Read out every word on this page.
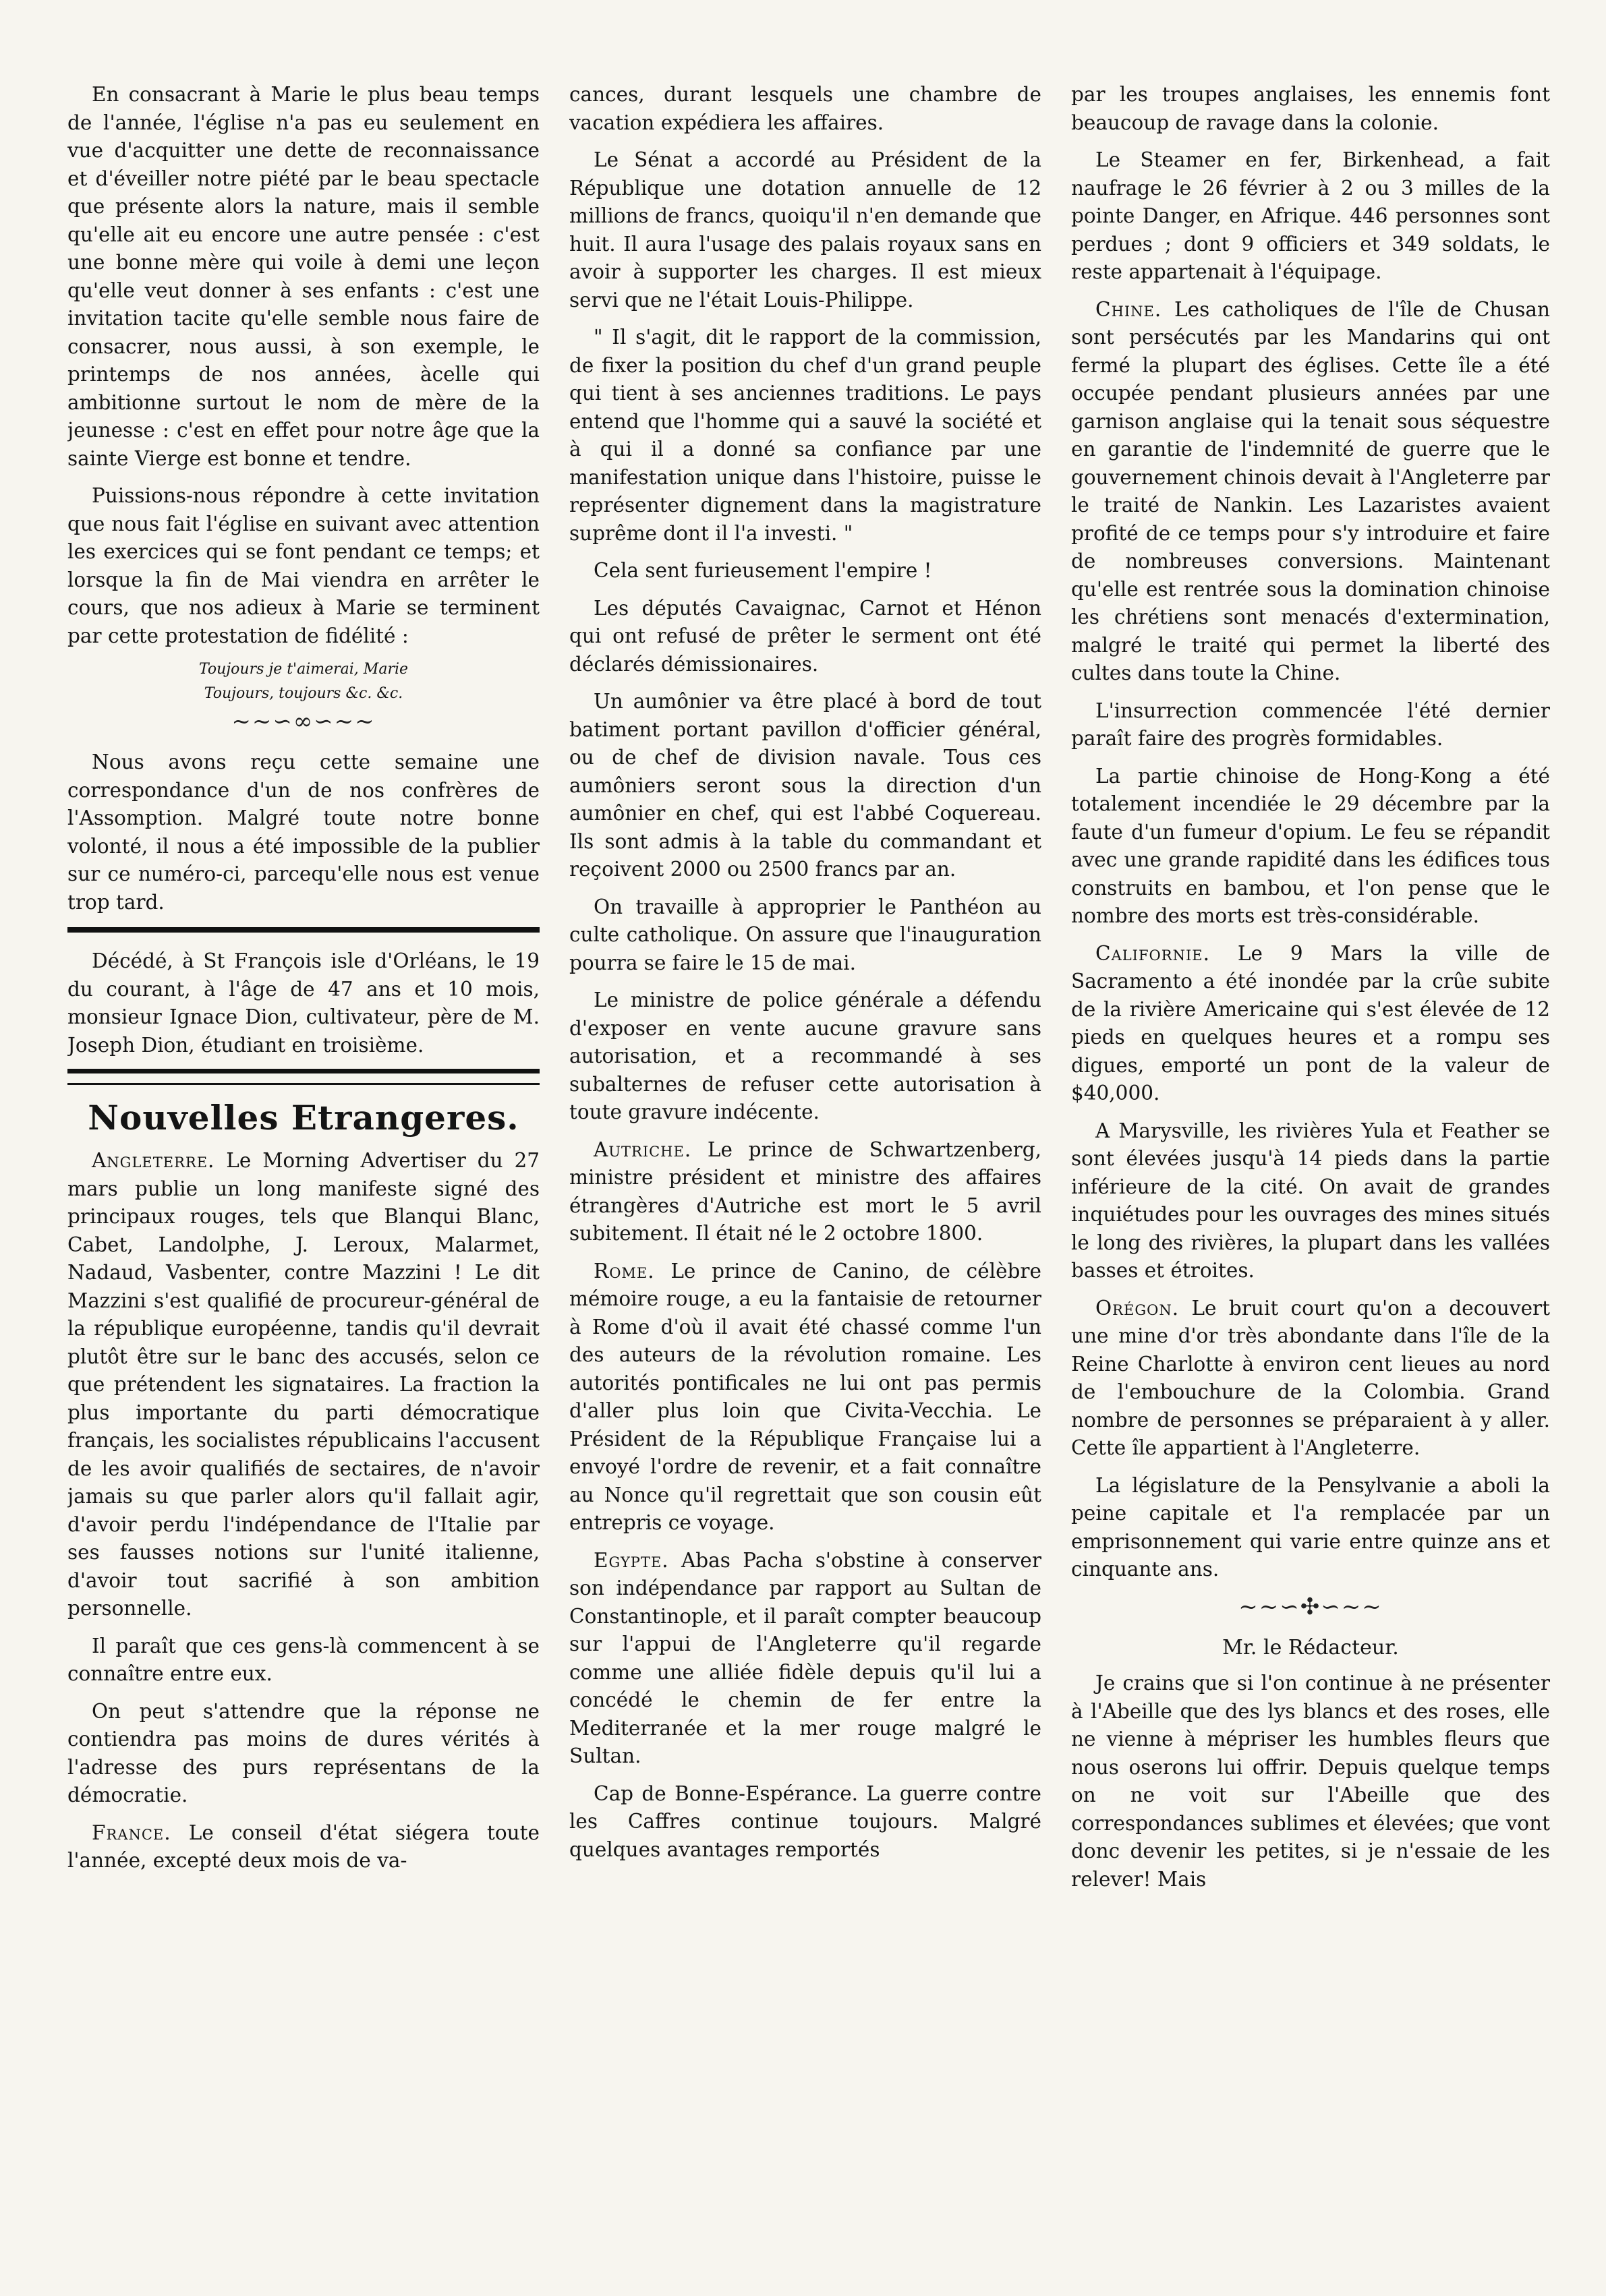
En consacrant à Marie le plus beau temps de l'année, l'église n'a pas eu seulement en vue d'acquitter une dette de reconnaissance et d'éveiller notre piété par le beau spectacle que présente alors la nature, mais il semble qu'elle ait eu encore une autre pensée : c'est une bonne mère qui voile à demi une leçon qu'elle veut donner à ses enfants : c'est une invitation tacite qu'elle semble nous faire de consacrer, nous aussi, à son exemple, le printemps de nos années, àcelle qui ambitionne surtout le nom de mère de la jeunesse : c'est en effet pour notre âge que la sainte Vierge est bonne et tendre.

Puissions-nous répondre à cette invitation que nous fait l'église en suivant avec attention les exercices qui se font pendant ce temps; et lorsque la fin de Mai viendra en arrêter le cours, que nos adieux à Marie se terminent par cette protestation de fidélité :

Toujours je t'aimerai, Marie

Toujours, toujours &c. &c.

~~∽∞∽~~

Nous avons reçu cette semaine une correspondance d'un de nos confrères de l'Assomption. Malgré toute notre bonne volonté, il nous a été impossible de la publier sur ce numéro-ci, parcequ'elle nous est venue trop tard.

Décédé, à St François isle d'Orléans, le 19 du courant, à l'âge de 47 ans et 10 mois, monsieur Ignace Dion, cultivateur, père de M. Joseph Dion, étudiant en troisième.

Nouvelles Etrangeres.

Angleterre. Le Morning Advertiser du 27 mars publie un long manifeste signé des principaux rouges, tels que Blanqui Blanc, Cabet, Landolphe, J. Leroux, Malarmet, Nadaud, Vasbenter, contre Mazzini ! Le dit Mazzini s'est qualifié de procureur-général de la république européenne, tandis qu'il devrait plutôt être sur le banc des accusés, selon ce que prétendent les signataires. La fraction la plus importante du parti démocratique français, les socialistes républicains l'accusent de les avoir qualifiés de sectaires, de n'avoir jamais su que parler alors qu'il fallait agir, d'avoir perdu l'indépendance de l'Italie par ses fausses notions sur l'unité italienne, d'avoir tout sacrifié à son ambition personnelle.

Il paraît que ces gens-là commencent à se connaître entre eux.

On peut s'attendre que la réponse ne contiendra pas moins de dures vérités à l'adresse des purs représentans de la démocratie.

France. Le conseil d'état siégera toute l'année, excepté deux mois de va-

cances, durant lesquels une chambre de vacation expédiera les affaires.

Le Sénat a accordé au Président de la République une dotation annuelle de 12 millions de francs, quoiqu'il n'en demande que huit. Il aura l'usage des palais royaux sans en avoir à supporter les charges. Il est mieux servi que ne l'était Louis-Philippe.

" Il s'agit, dit le rapport de la commission, de fixer la position du chef d'un grand peuple qui tient à ses anciennes traditions. Le pays entend que l'homme qui a sauvé la société et à qui il a donné sa confiance par une manifestation unique dans l'histoire, puisse le représenter dignement dans la magistrature suprême dont il l'a investi. "

Cela sent furieusement l'empire !

Les députés Cavaignac, Carnot et Hénon qui ont refusé de prêter le serment ont été déclarés démissionaires.

Un aumônier va être placé à bord de tout batiment portant pavillon d'officier général, ou de chef de division navale. Tous ces aumôniers seront sous la direction d'un aumônier en chef, qui est l'abbé Coquereau. Ils sont admis à la table du commandant et reçoivent 2000 ou 2500 francs par an.

On travaille à approprier le Panthéon au culte catholique. On assure que l'inauguration pourra se faire le 15 de mai.

Le ministre de police générale a défendu d'exposer en vente aucune gravure sans autorisation, et a recommandé à ses subalternes de refuser cette autorisation à toute gravure indécente.

Autriche. Le prince de Schwartzenberg, ministre président et ministre des affaires étrangères d'Autriche est mort le 5 avril subitement. Il était né le 2 octobre 1800.

Rome. Le prince de Canino, de célèbre mémoire rouge, a eu la fantaisie de retourner à Rome d'où il avait été chassé comme l'un des auteurs de la révolution romaine. Les autorités pontificales ne lui ont pas permis d'aller plus loin que Civita-Vecchia. Le Président de la République Française lui a envoyé l'ordre de revenir, et a fait connaître au Nonce qu'il regrettait que son cousin eût entrepris ce voyage.

Egypte. Abas Pacha s'obstine à conserver son indépendance par rapport au Sultan de Constantinople, et il paraît compter beaucoup sur l'appui de l'Angleterre qu'il regarde comme une alliée fidèle depuis qu'il lui a concédé le chemin de fer entre la Mediterranée et la mer rouge malgré le Sultan.

Cap de Bonne-Espérance. La guerre contre les Caffres continue toujours. Malgré quelques avantages remportés

par les troupes anglaises, les ennemis font beaucoup de ravage dans la colonie.

Le Steamer en fer, Birkenhead, a fait naufrage le 26 février à 2 ou 3 milles de la pointe Danger, en Afrique. 446 personnes sont perdues ; dont 9 officiers et 349 soldats, le reste appartenait à l'équipage.

Chine. Les catholiques de l'île de Chusan sont persécutés par les Mandarins qui ont fermé la plupart des églises. Cette île a été occupée pendant plusieurs années par une garnison anglaise qui la tenait sous séquestre en garantie de l'indemnité de guerre que le gouvernement chinois devait à l'Angleterre par le traité de Nankin. Les Lazaristes avaient profité de ce temps pour s'y introduire et faire de nombreuses conversions. Maintenant qu'elle est rentrée sous la domination chinoise les chrétiens sont menacés d'extermination, malgré le traité qui permet la liberté des cultes dans toute la Chine.

L'insurrection commencée l'été dernier paraît faire des progrès formidables.

La partie chinoise de Hong-Kong a été totalement incendiée le 29 décembre par la faute d'un fumeur d'opium. Le feu se répandit avec une grande rapidité dans les édifices tous construits en bambou, et l'on pense que le nombre des morts est très-considérable.

Californie. Le 9 Mars la ville de Sacramento a été inondée par la crûe subite de la rivière Americaine qui s'est élevée de 12 pieds en quelques heures et a rompu ses digues, emporté un pont de la valeur de $40,000.

A Marysville, les rivières Yula et Feather se sont élevées jusqu'à 14 pieds dans la partie inférieure de la cité. On avait de grandes inquiétudes pour les ouvrages des mines situés le long des rivières, la plupart dans les vallées basses et étroites.

Orégon. Le bruit court qu'on a decouvert une mine d'or très abondante dans l'île de la Reine Charlotte à environ cent lieues au nord de l'embouchure de la Colombia. Grand nombre de personnes se préparaient à y aller. Cette île appartient à l'Angleterre.

La législature de la Pensylvanie a aboli la peine capitale et l'a remplacée par un emprisonnement qui varie entre quinze ans et cinquante ans.

~~∽✣∽~~

Mr. le Rédacteur.

Je crains que si l'on continue à ne présenter à l'Abeille que des lys blancs et des roses, elle ne vienne à mépriser les humbles fleurs que nous oserons lui offrir. Depuis quelque temps on ne voit sur l'Abeille que des correspondances sublimes et élevées; que vont donc devenir les petites, si je n'essaie de les relever! Mais
